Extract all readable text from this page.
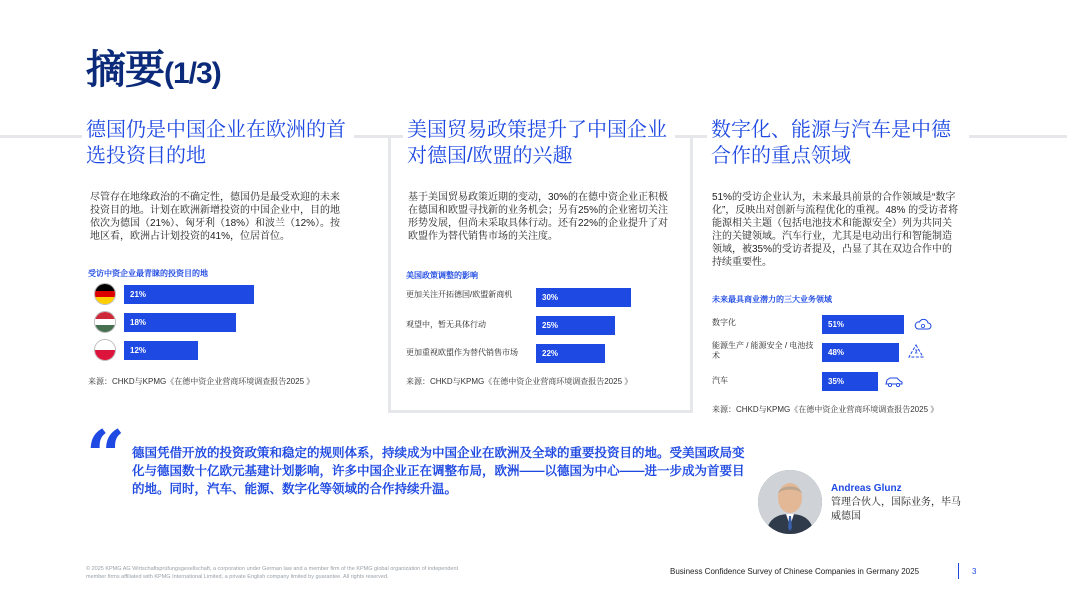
摘要(1/3)
德国仍是中国企业在欧洲的首选投资目的地
尽管存在地缘政治的不确定性，德国仍是最受欢迎的未来投资目的地。计划在欧洲新增投资的中国企业中，目的地依次为德国（21%）、匈牙利（18%）和波兰（12%）。按地区看，欧洲占计划投资的41%，位居首位。
受访中资企业最青睐的投资目的地
21%
18%
12%
来源：CHKD与KPMG《在德中资企业营商环境调查报告2025 》
美国贸易政策提升了中国企业对德国/欧盟的兴趣
基于美国贸易政策近期的变动，30%的在德中资企业正积极在德国和欧盟寻找新的业务机会；另有25%的企业密切关注形势发展，但尚未采取具体行动。还有22%的企业提升了对欧盟作为替代销售市场的关注度。
美国政策调整的影响
更加关注开拓德国/欧盟新商机	30%
观望中，暂无具体行动	25%
更加重视欧盟作为替代销售市场	22%
来源：CHKD与KPMG《在德中资企业营商环境调查报告2025 》
数字化、能源与汽车是中德合作的重点领域
51%的受访企业认为，未来最具前景的合作领域是“数字化”，反映出对创新与流程优化的重视。48% 的受访者将能源相关主题（包括电池技术和能源安全）列为共同关注的关键领域。汽车行业，尤其是电动出行和智能制造领域，被35%的受访者提及，凸显了其在双边合作中的持续重要性。
未来最具商业潜力的三大业务领域
数字化	51%
能源生产 / 能源安全 / 电池技术	48%
汽车	35%
来源：CHKD与KPMG《在德中资企业营商环境调查报告2025 》
“ 德国凭借开放的投资政策和稳定的规则体系，持续成为中国企业在欧洲及全球的重要投资目的地。受美国政局变化与德国数十亿欧元基建计划影响，许多中国企业正在调整布局，欧洲——以德国为中心——进一步成为首要目的地。同时，汽车、能源、数字化等领域的合作持续升温。	Andreas Glunz
管理合伙人，国际业务，毕马威德国
© 2025 KPMG AG Wirtschaftsprüfungsgesellschaft, a corporation under German law and a member firm of the KPMG global organization of independent member firms affiliated with KPMG International Limited, a private English company limited by guarantee. All rights reserved.
Business Confidence Survey of Chinese Companies in Germany 2025	3
